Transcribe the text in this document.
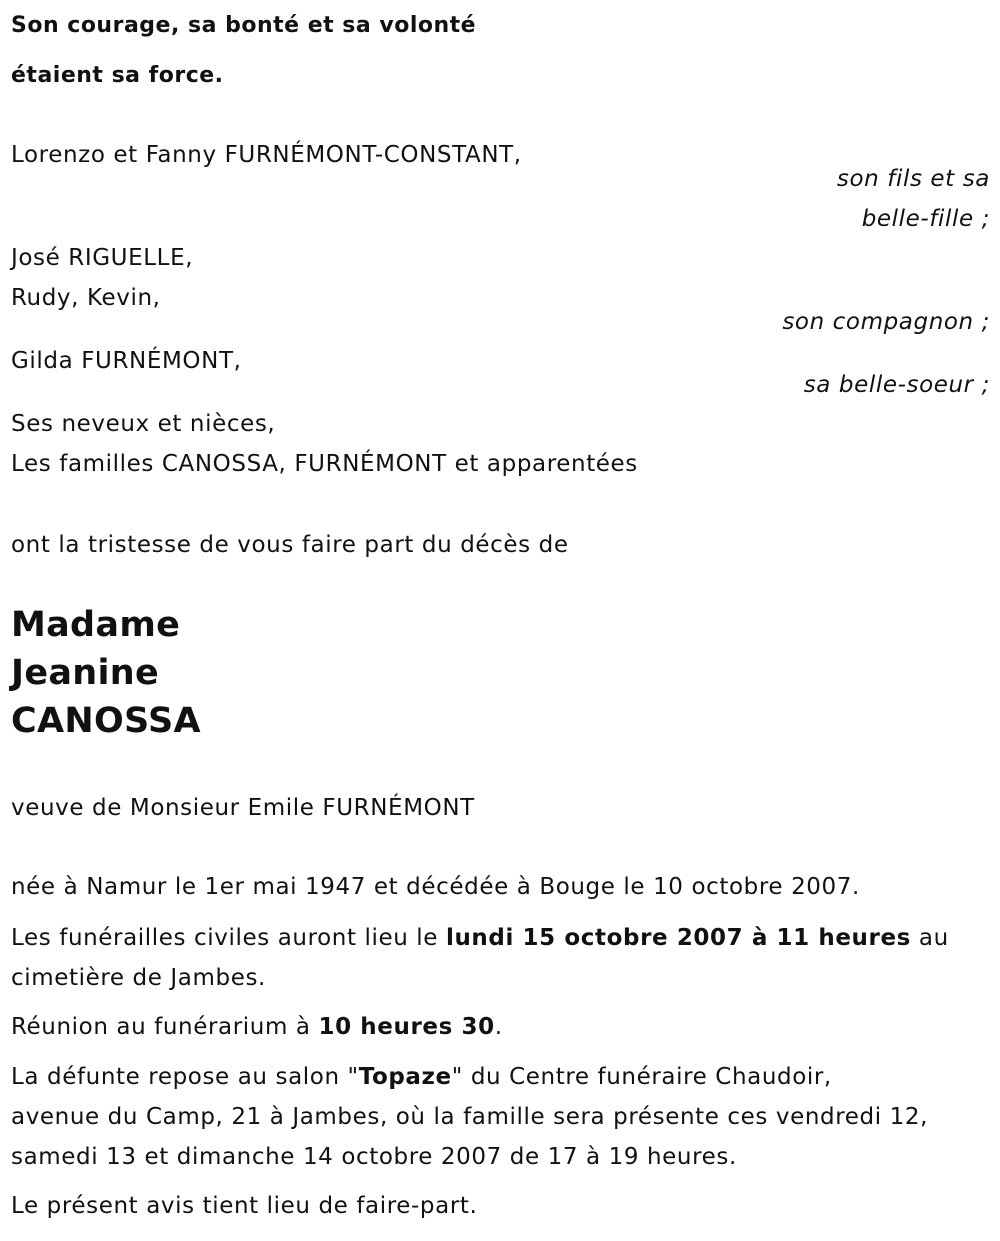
Son courage, sa bonté et sa volonté
étaient sa force.
Lorenzo et Fanny FURNÉMONT-CONSTANT,
son fils et sa
belle-fille ;
José RIGUELLE,
Rudy, Kevin,
son compagnon ;
Gilda FURNÉMONT,
sa belle-soeur ;
Ses neveux et nièces,
Les familles CANOSSA, FURNÉMONT et apparentées
ont la tristesse de vous faire part du décès de
Madame
Jeanine
CANOSSA
veuve de Monsieur Emile FURNÉMONT
née à Namur le 1er mai 1947 et décédée à Bouge le 10 octobre 2007.
Les funérailles civiles auront lieu le lundi 15 octobre 2007 à 11 heures au
cimetière de Jambes.
Réunion au funérarium à 10 heures 30.
La défunte repose au salon "Topaze" du Centre funéraire Chaudoir,
avenue du Camp, 21 à Jambes, où la famille sera présente ces vendredi 12,
samedi 13 et dimanche 14 octobre 2007 de 17 à 19 heures.
Le présent avis tient lieu de faire-part.
